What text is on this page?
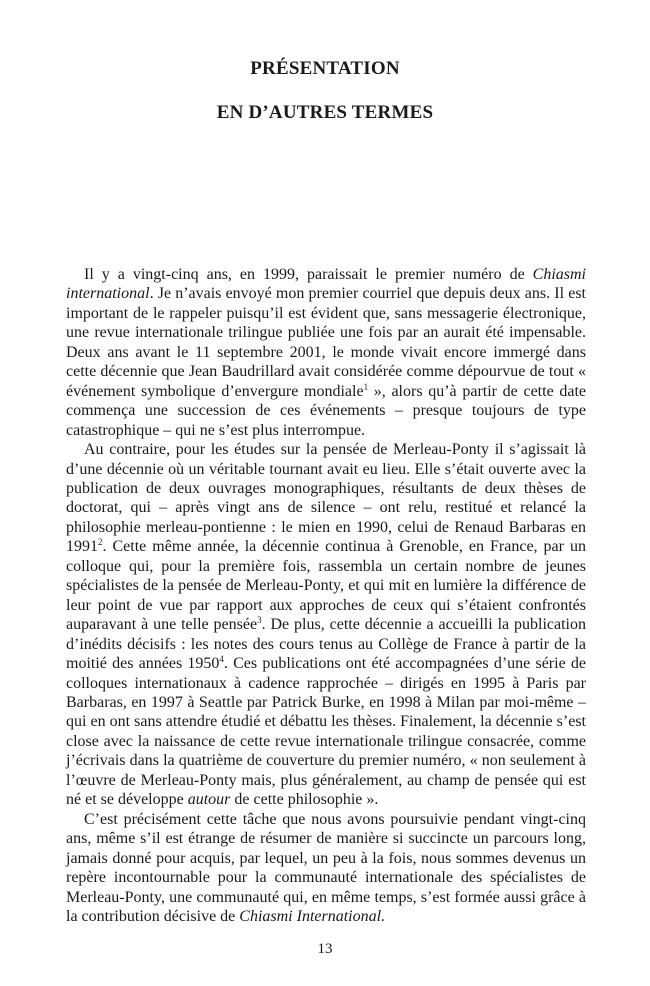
PRÉSENTATION
EN D’AUTRES TERMES

Il y a vingt-cinq ans, en 1999, paraissait le premier numéro de Chiasmi international. Je n’avais envoyé mon premier courriel que depuis deux ans. Il est important de le rappeler puisqu’il est évident que, sans messagerie électronique, une revue internationale trilingue publiée une fois par an aurait été impensable. Deux ans avant le 11 septembre 2001, le monde vivait encore immergé dans cette décennie que Jean Baudrillard avait considérée comme dépourvue de tout « événement symbolique d’envergure mondiale$^1$ », alors qu’à partir de cette date commença une succession de ces événements – presque toujours de type catastrophique – qui ne s’est plus interrompue.

Au contraire, pour les études sur la pensée de Merleau-Ponty il s’agissait là d’une décennie où un véritable tournant avait eu lieu. Elle s’était ouverte avec la publication de deux ouvrages monographiques, résultants de deux thèses de doctorat, qui – après vingt ans de silence – ont relu, restitué et relancé la philosophie merleau-pontienne : le mien en 1990, celui de Renaud Barbaras en 1991$^2$. Cette même année, la décennie continua à Grenoble, en France, par un colloque qui, pour la première fois, rassembla un certain nombre de jeunes spécialistes de la pensée de Merleau-Ponty, et qui mit en lumière la différence de leur point de vue par rapport aux approches de ceux qui s’étaient confrontés auparavant à une telle pensée$^3$. De plus, cette décennie a accueilli la publication d’inédits décisifs : les notes des cours tenus au Collège de France à partir de la moitié des années 1950$^4$. Ces publications ont été accompagnées d’une série de colloques internationaux à cadence rapprochée – dirigés en 1995 à Paris par Barbaras, en 1997 à Seattle par Patrick Burke, en 1998 à Milan par moi-même – qui en ont sans attendre étudié et débattu les thèses. Finalement, la décennie s’est close avec la naissance de cette revue internationale trilingue consacrée, comme j’écrivais dans la quatrième de couverture du premier numéro, « non seulement à l’œuvre de Merleau-Ponty mais, plus généralement, au champ de pensée qui est né et se développe autour de cette philosophie ».

C’est précisément cette tâche que nous avons poursuivie pendant vingt-cinq ans, même s’il est étrange de résumer de manière si succincte un parcours long, jamais donné pour acquis, par lequel, un peu à la fois, nous sommes devenus un repère incontournable pour la communauté internationale des spécialistes de Merleau-Ponty, une communauté qui, en même temps, s’est formée aussi grâce à la contribution décisive de Chiasmi International.

13
